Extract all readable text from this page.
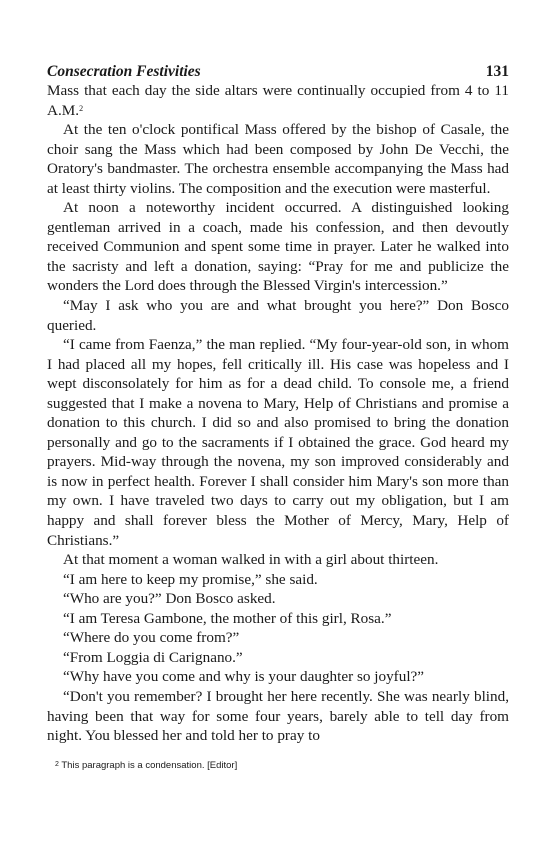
Consecration Festivities	131

Mass that each day the side altars were continually occupied from 4 to 11 A.M.$^2$

At the ten o'clock pontifical Mass offered by the bishop of Casale, the choir sang the Mass which had been composed by John De Vecchi, the Oratory's bandmaster. The orchestra ensemble accompanying the Mass had at least thirty violins. The composition and the execution were masterful.

At noon a noteworthy incident occurred. A distinguished looking gentleman arrived in a coach, made his confession, and then devoutly received Communion and spent some time in prayer. Later he walked into the sacristy and left a donation, saying: “Pray for me and publicize the wonders the Lord does through the Blessed Virgin's intercession.”

“May I ask who you are and what brought you here?” Don Bosco queried.

“I came from Faenza,” the man replied. “My four-year-old son, in whom I had placed all my hopes, fell critically ill. His case was hopeless and I wept disconsolately for him as for a dead child. To console me, a friend suggested that I make a novena to Mary, Help of Christians and promise a donation to this church. I did so and also promised to bring the donation personally and go to the sacraments if I obtained the grace. God heard my prayers. Mid-way through the novena, my son improved considerably and is now in perfect health. Forever I shall consider him Mary's son more than my own. I have traveled two days to carry out my obligation, but I am happy and shall forever bless the Mother of Mercy, Mary, Help of Christians.”

At that moment a woman walked in with a girl about thirteen.

“I am here to keep my promise,” she said.

“Who are you?” Don Bosco asked.

“I am Teresa Gambone, the mother of this girl, Rosa.”

“Where do you come from?”

“From Loggia di Carignano.”

“Why have you come and why is your daughter so joyful?”

“Don't you remember? I brought her here recently. She was nearly blind, having been that way for some four years, barely able to tell day from night. You blessed her and told her to pray to

$^2$ This paragraph is a condensation. [Editor]
